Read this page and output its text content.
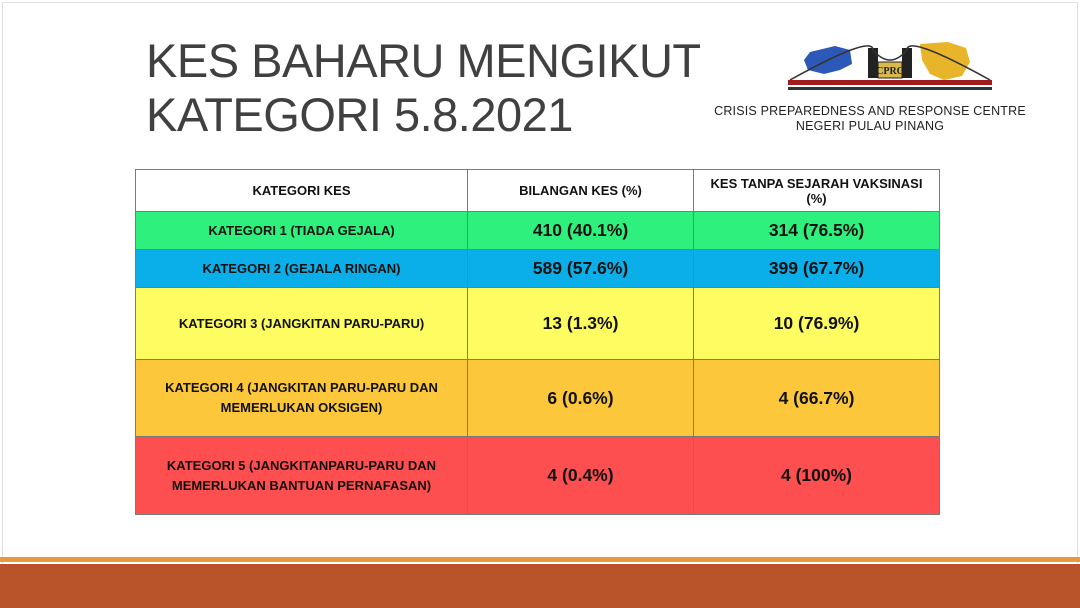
KES BAHARU MENGIKUT
KATEGORI 5.8.2021
CPRC
CRISIS PREPAREDNESS AND RESPONSE CENTRE
NEGERI PULAU PINANG
KATEGORI KES	BILANGAN KES (%)	KES TANPA SEJARAH VAKSINASI (%)
KATEGORI 1 (TIADA GEJALA)	410 (40.1%)	314 (76.5%)
KATEGORI 2 (GEJALA RINGAN)	589 (57.6%)	399 (67.7%)
KATEGORI 3 (JANGKITAN PARU-PARU)	13 (1.3%)	10 (76.9%)
KATEGORI 4 (JANGKITAN PARU-PARU DAN MEMERLUKAN OKSIGEN)	6 (0.6%)	4 (66.7%)
KATEGORI 5 (JANGKITANPARU-PARU DAN MEMERLUKAN BANTUAN PERNAFASAN)	4 (0.4%)	4 (100%)
